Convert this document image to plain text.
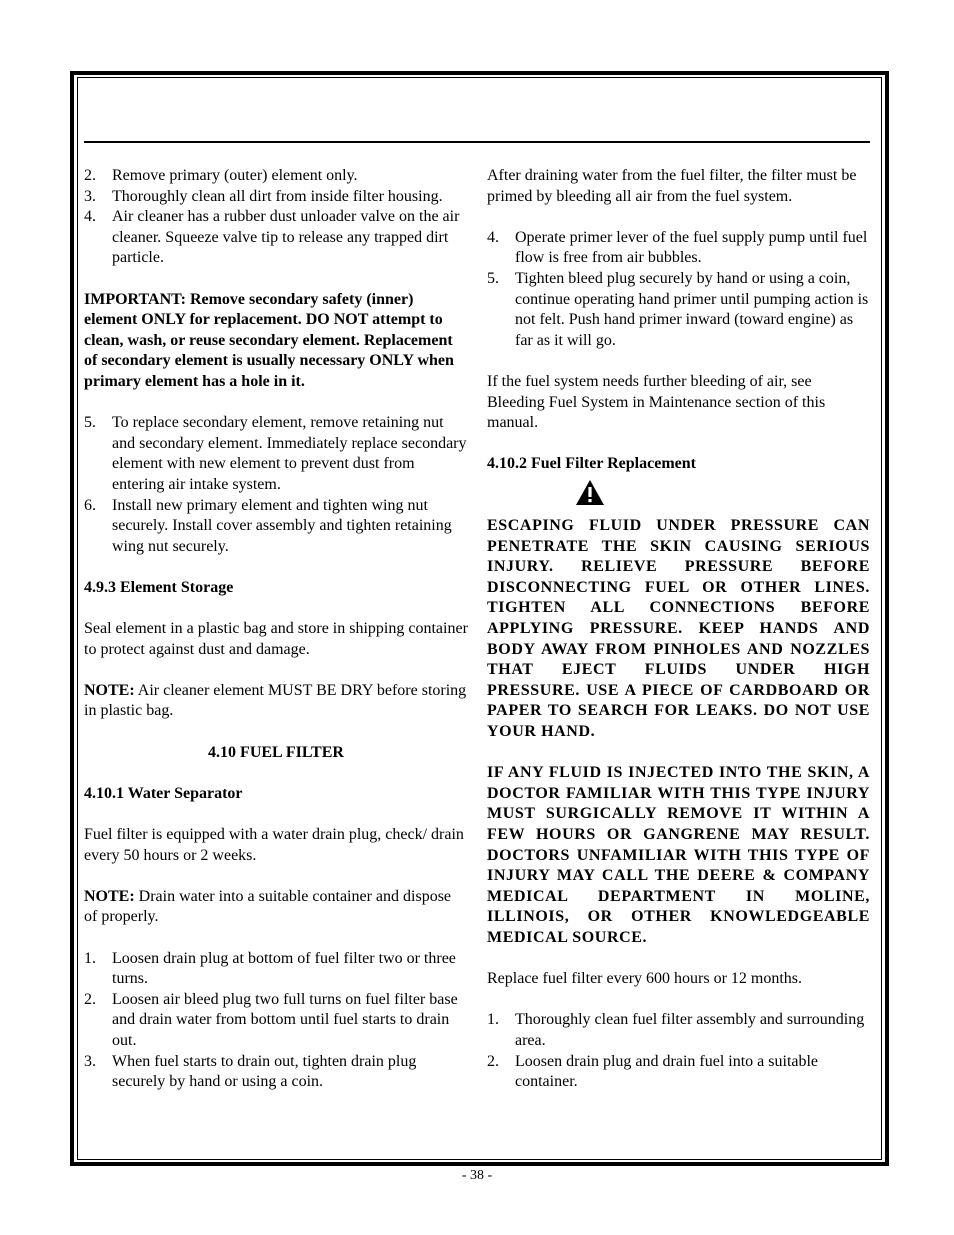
2. Remove primary (outer) element only.
3. Thoroughly clean all dirt from inside filter housing.
4. Air cleaner has a rubber dust unloader valve on the air cleaner. Squeeze valve tip to release any trapped dirt particle.

IMPORTANT: Remove secondary safety (inner) element ONLY for replacement. DO NOT attempt to clean, wash, or reuse secondary element. Replacement of secondary element is usually necessary ONLY when primary element has a hole in it.

5. To replace secondary element, remove retaining nut and secondary element. Immediately replace secondary element with new element to prevent dust from entering air intake system.
6. Install new primary element and tighten wing nut securely. Install cover assembly and tighten retaining wing nut securely.

4.9.3 Element Storage

Seal element in a plastic bag and store in shipping container to protect against dust and damage.

NOTE: Air cleaner element MUST BE DRY before storing in plastic bag.

4.10 FUEL FILTER

4.10.1 Water Separator

Fuel filter is equipped with a water drain plug, check/ drain every 50 hours or 2 weeks.

NOTE: Drain water into a suitable container and dispose of properly.

1. Loosen drain plug at bottom of fuel filter two or three turns.
2. Loosen air bleed plug two full turns on fuel filter base and drain water from bottom until fuel starts to drain out.
3. When fuel starts to drain out, tighten drain plug securely by hand or using a coin.

After draining water from the fuel filter, the filter must be primed by bleeding all air from the fuel system.

4. Operate primer lever of the fuel supply pump until fuel flow is free from air bubbles.
5. Tighten bleed plug securely by hand or using a coin, continue operating hand primer until pumping action is not felt. Push hand primer inward (toward engine) as far as it will go.

If the fuel system needs further bleeding of air, see Bleeding Fuel System in Maintenance section of this manual.

4.10.2 Fuel Filter Replacement

ESCAPING FLUID UNDER PRESSURE CAN PENETRATE THE SKIN CAUSING SERIOUS INJURY. RELIEVE PRESSURE BEFORE DISCONNECTING FUEL OR OTHER LINES. TIGHTEN ALL CONNECTIONS BEFORE APPLYING PRESSURE. KEEP HANDS AND BODY AWAY FROM PINHOLES AND NOZZLES THAT EJECT FLUIDS UNDER HIGH PRESSURE. USE A PIECE OF CARDBOARD OR PAPER TO SEARCH FOR LEAKS. DO NOT USE YOUR HAND.

IF ANY FLUID IS INJECTED INTO THE SKIN, A DOCTOR FAMILIAR WITH THIS TYPE INJURY MUST SURGICALLY REMOVE IT WITHIN A FEW HOURS OR GANGRENE MAY RESULT. DOCTORS UNFAMILIAR WITH THIS TYPE OF INJURY MAY CALL THE DEERE & COMPANY MEDICAL DEPARTMENT IN MOLINE, ILLINOIS, OR OTHER KNOWLEDGEABLE MEDICAL SOURCE.

Replace fuel filter every 600 hours or 12 months.

1. Thoroughly clean fuel filter assembly and surrounding area.
2. Loosen drain plug and drain fuel into a suitable container.
- 38 -
